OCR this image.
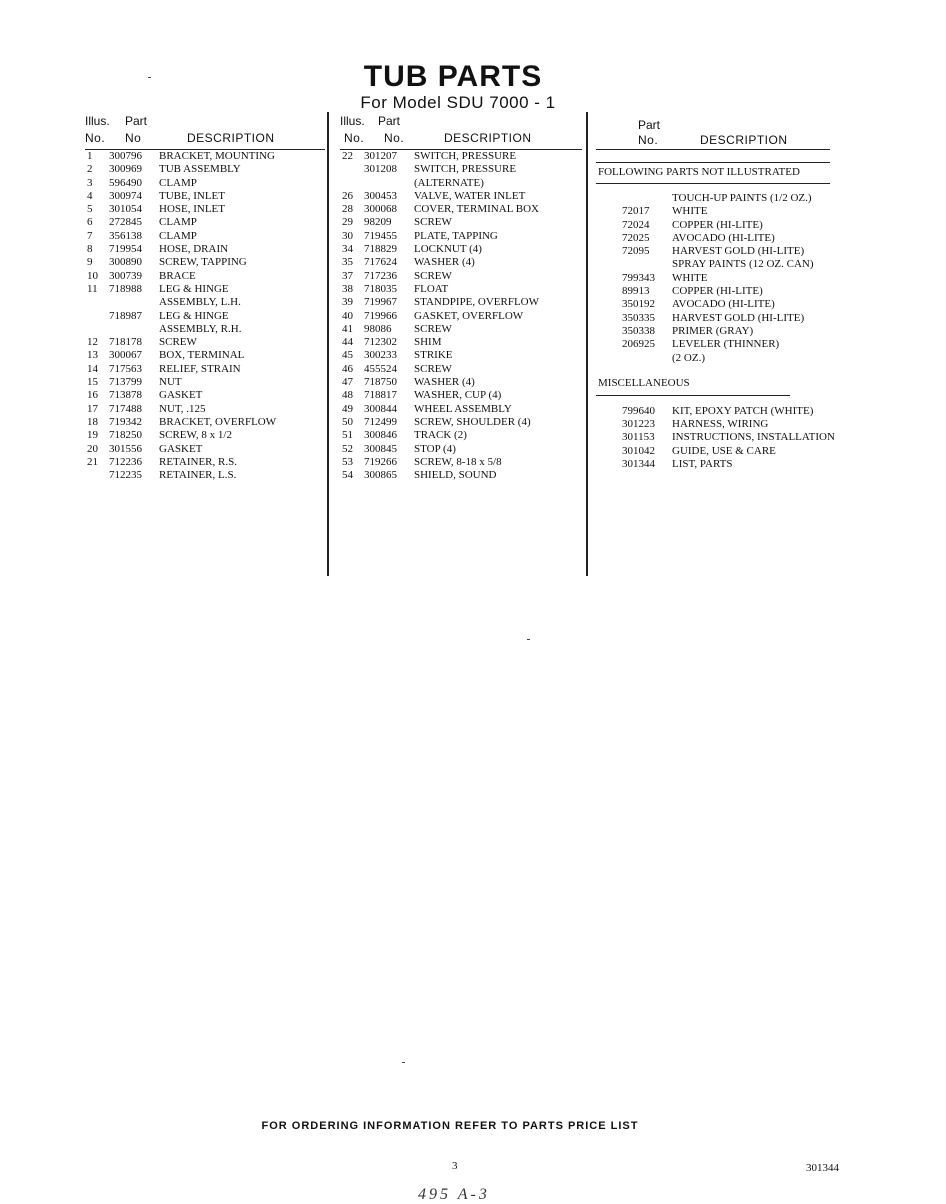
TUB PARTS
For Model SDU 7000 - 1
Illus. Part
No. No	DESCRIPTION
1 300796 BRACKET, MOUNTING
2 300969 TUB ASSEMBLY
3 596490 CLAMP
4 300974 TUBE, INLET
5 301054 HOSE, INLET
6 272845 CLAMP
7 356138 CLAMP
8 719954 HOSE, DRAIN
9 300890 SCREW, TAPPING
10 300739 BRACE
11 718988 LEG & HINGE
ASSEMBLY, L.H.
718987 LEG & HINGE
ASSEMBLY, R.H.
12 718178 SCREW
13 300067 BOX, TERMINAL
14 717563 RELIEF, STRAIN
15 713799 NUT
16 713878 GASKET
17 717488 NUT, .125
18 719342 BRACKET, OVERFLOW
19 718250 SCREW, 8 x 1/2
20 301556 GASKET
21 712236 RETAINER, R.S.
712235 RETAINER, L.S.
Illus. Part
No. No.	DESCRIPTION
22 301207 SWITCH, PRESSURE
301208 SWITCH, PRESSURE
(ALTERNATE)
26 300453 VALVE, WATER INLET
28 300068 COVER, TERMINAL BOX
29 98209 SCREW
30 719455 PLATE, TAPPING
34 718829 LOCKNUT (4)
35 717624 WASHER (4)
37 717236 SCREW
38 718035 FLOAT
39 719967 STANDPIPE, OVERFLOW
40 719966 GASKET, OVERFLOW
41 98086 SCREW
44 712302 SHIM
45 300233 STRIKE
46 455524 SCREW
47 718750 WASHER (4)
48 718817 WASHER, CUP (4)
49 300844 WHEEL ASSEMBLY
50 712499 SCREW, SHOULDER (4)
51 300846 TRACK (2)
52 300845 STOP (4)
53 719266 SCREW, 8-18 x 5/8
54 300865 SHIELD, SOUND
Part
No.	DESCRIPTION
FOLLOWING PARTS NOT ILLUSTRATED
TOUCH-UP PAINTS (1/2 OZ.)
72017 WHITE
72024 COPPER (HI-LITE)
72025 AVOCADO (HI-LITE)
72095 HARVEST GOLD (HI-LITE)
SPRAY PAINTS (12 OZ. CAN)
799343 WHITE
89913 COPPER (HI-LITE)
350192 AVOCADO (HI-LITE)
350335 HARVEST GOLD (HI-LITE)
350338 PRIMER (GRAY)
206925 LEVELER (THINNER)
(2 OZ.)
MISCELLANEOUS
799640 KIT, EPOXY PATCH (WHITE)
301223 HARNESS, WIRING
301153 INSTRUCTIONS, INSTALLATION
301042 GUIDE, USE & CARE
301344 LIST, PARTS
FOR ORDERING INFORMATION REFER TO PARTS PRICE LIST
3	301344
495 A-3
